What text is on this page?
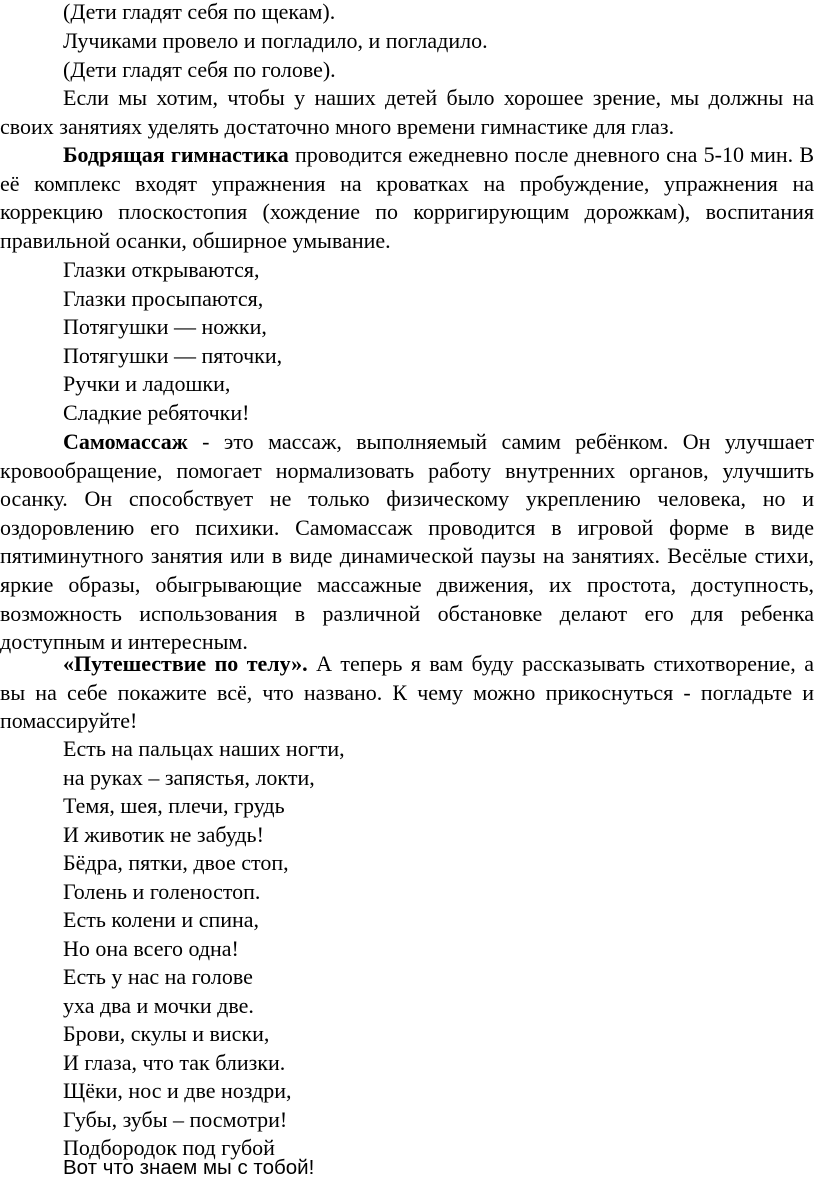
(Дети гладят себя по щекам).

Лучиками провело и погладило, и погладило.

(Дети гладят себя по голове).

Если мы хотим, чтобы у наших детей было хорошее зрение, мы должны на своих занятиях уделять достаточно много времени гимнастике для глаз.

Бодрящая гимнастика проводится ежедневно после дневного сна 5-10 мин. В её комплекс входят упражнения на кроватках на пробуждение, упражнения на коррекцию плоскостопия (хождение по корригирующим дорожкам), воспитания правильной осанки, обширное умывание.

Глазки открываются,

Глазки просыпаются,

Потягушки — ножки,

Потягушки — пяточки,

Ручки и ладошки,

Сладкие ребяточки!

Самомассаж - это массаж, выполняемый самим ребёнком. Он улучшает кровообращение, помогает нормализовать работу внутренних органов, улучшить осанку. Он способствует не только физическому укреплению человека, но и оздоровлению его психики. Самомассаж проводится в игровой форме в виде пятиминутного занятия или в виде динамической паузы на занятиях. Весёлые стихи, яркие образы, обыгрывающие массажные движения, их простота, доступность, возможность использования в различной обстановке делают его для ребенка доступным и интересным.

«Путешествие по телу». А теперь я вам буду рассказывать стихотворение, а вы на себе покажите всё, что названо. К чему можно прикоснуться - погладьте и помассируйте!

Есть на пальцах наших ногти,

на руках – запястья, локти,

Темя, шея, плечи, грудь

И животик не забудь!

Бёдра, пятки, двое стоп,

Голень и голеностоп.

Есть колени и спина,

Но она всего одна!

Есть у нас на голове

уха два и мочки две.

Брови, скулы и виски,

И глаза, что так близки.

Щёки, нос и две ноздри,

Губы, зубы – посмотри!

Подбородок под губой

Вот что знаем мы с тобой!
